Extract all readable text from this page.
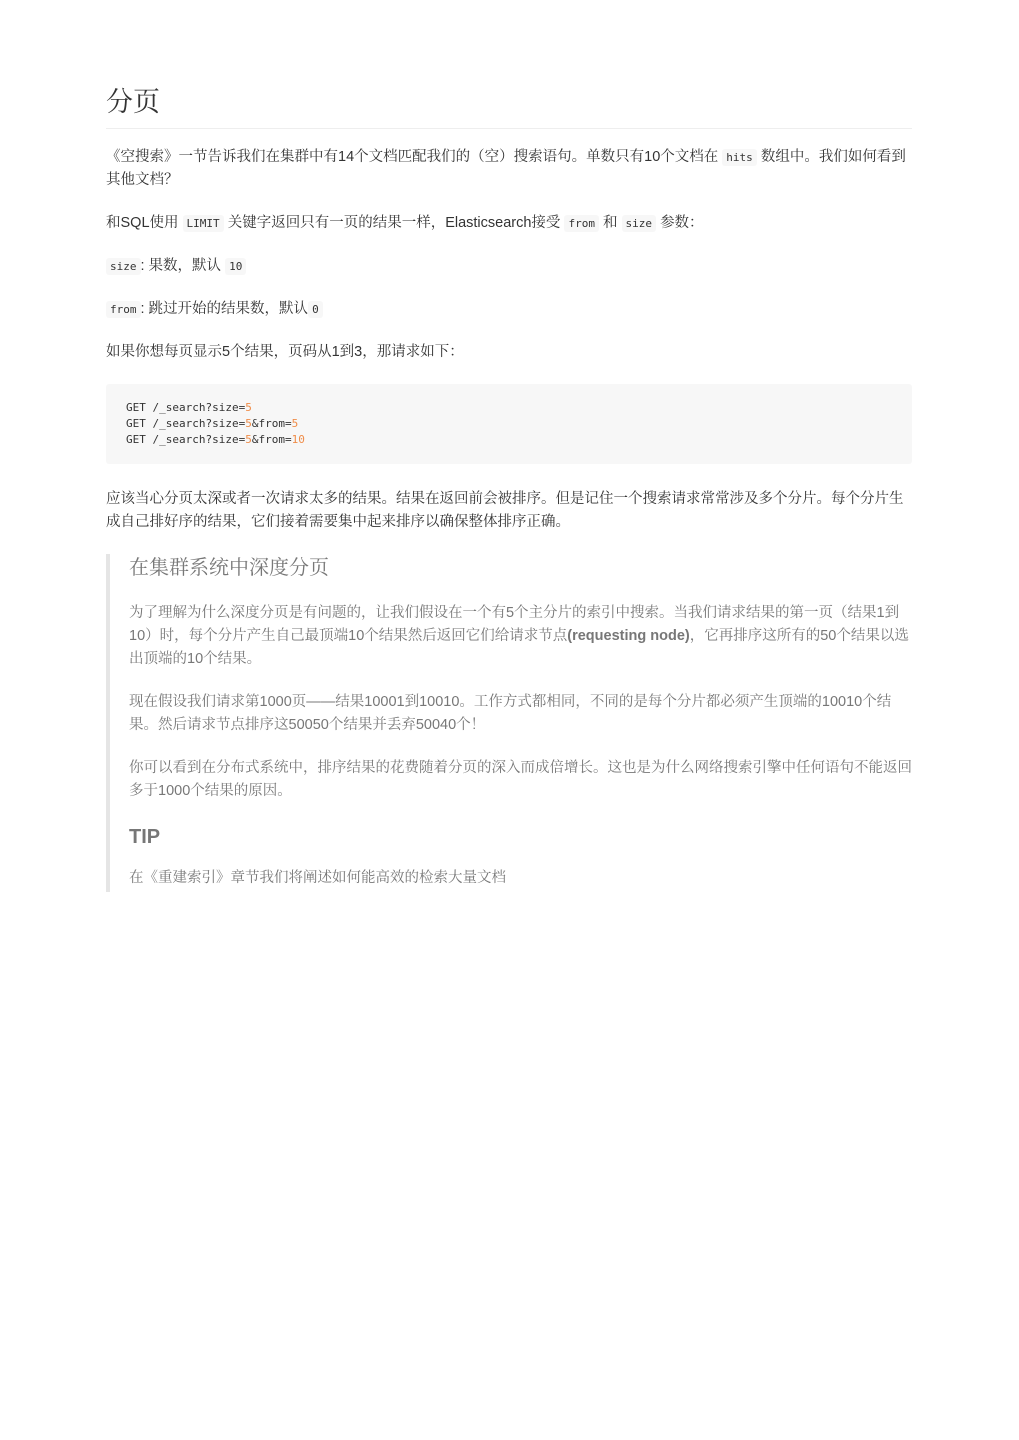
分页

《空搜索》一节告诉我们在集群中有14个文档匹配我们的（空）搜索语句。单数只有10个文档在 hits 数组中。我们如何看到其他文档？

和SQL使用 LIMIT 关键字返回只有一页的结果一样，Elasticsearch接受 from 和 size 参数：

size : 果数，默认 10

from : 跳过开始的结果数，默认 0

如果你想每页显示5个结果，页码从1到3，那请求如下：

GET /_search?size=5
GET /_search?size=5&from=5
GET /_search?size=5&from=10

应该当心分页太深或者一次请求太多的结果。结果在返回前会被排序。但是记住一个搜索请求常常涉及多个分片。每个分片生成自己排好序的结果，它们接着需要集中起来排序以确保整体排序正确。

在集群系统中深度分页

为了理解为什么深度分页是有问题的，让我们假设在一个有5个主分片的索引中搜索。当我们请求结果的第一页（结果1到10）时，每个分片产生自己最顶端10个结果然后返回它们给请求节点(requesting node)，它再排序这所有的50个结果以选出顶端的10个结果。

现在假设我们请求第1000页——结果10001到10010。工作方式都相同，不同的是每个分片都必须产生顶端的10010个结果。然后请求节点排序这50050个结果并丢弃50040个！

你可以看到在分布式系统中，排序结果的花费随着分页的深入而成倍增长。这也是为什么网络搜索引擎中任何语句不能返回多于1000个结果的原因。

TIP

在《重建索引》章节我们将阐述如何能高效的检索大量文档
